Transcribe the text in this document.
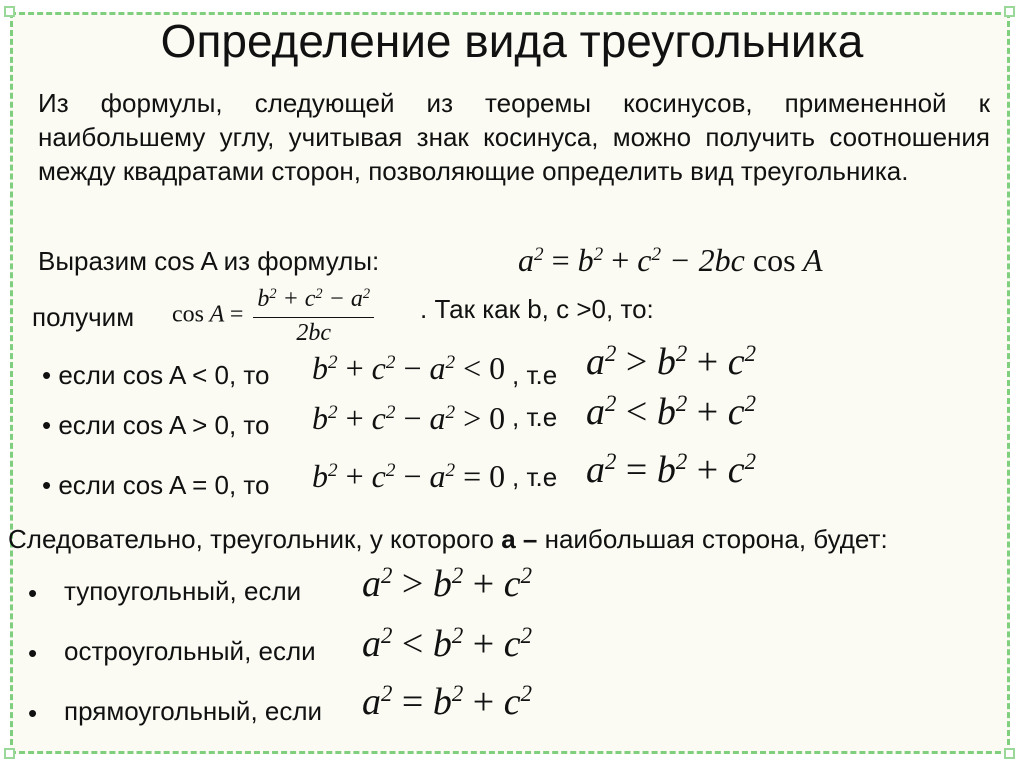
Определение вида треугольника
Из формулы, следующей из теоремы косинусов, примененной к наибольшему углу, учитывая знак косинуса, можно получить соотношения между квадратами сторон, позволяющие определить вид треугольника.
Выразим cos A из формулы:	$a^2 = b^2 + c^2 - 2bc$ cos A
получим $\cos A = \frac{b^2 + c^2 - a^2}{2bc}$ . Так как b, c >0, то:
• если cos A < 0, то $b^2 + c^2 - a^2 < 0$ , т.е $a^2 > b^2 + c^2$
• если cos A > 0, то $b^2 + c^2 - a^2 > 0$ , т.е $a^2 < b^2 + c^2$
• если cos A = 0, то $b^2 + c^2 - a^2 = 0$ , т.е $a^2 = b^2 + c^2$
Следовательно, треугольник, у которого a – наибольшая сторона, будет:
• тупоугольный, если $a^2 > b^2 + c^2$
• остроугольный, если $a^2 < b^2 + c^2$
• прямоугольный, если $a^2 = b^2 + c^2$
